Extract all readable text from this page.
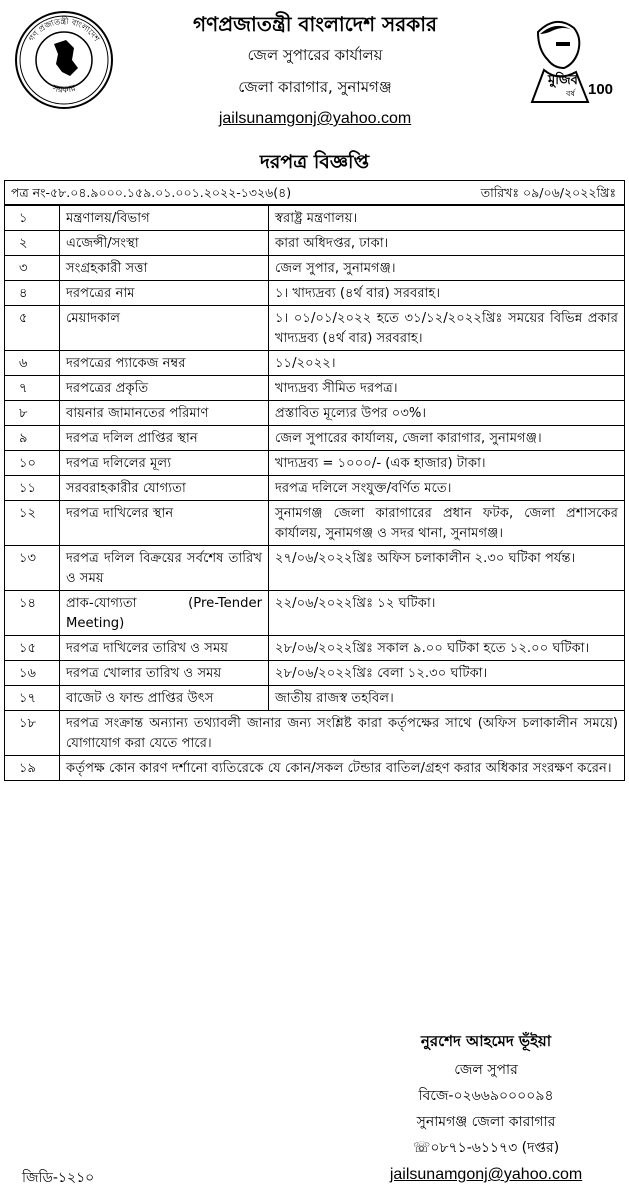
গণ প্রজাতন্ত্রী বাংলাদেশ
সরকার
মুজিব
বর্ষ 100
গণপ্রজাতন্ত্রী বাংলাদেশ সরকার
জেল সুপারের কার্যালয়
জেলা কারাগার, সুনামগঞ্জ
jailsunamgonj@yahoo.com
দরপত্র বিজ্ঞপ্তি
পত্র নং-৫৮.০৪.৯০০০.১৫৯.০১.০০১.২০২২-১৩২৬(৪)	তারিখঃ ০৯/০৬/২০২২খ্রিঃ
১	মন্ত্রণালয়/বিভাগ	স্বরাষ্ট্র মন্ত্রণালয়।
২	এজেন্সী/সংস্থা	কারা অধিদপ্তর, ঢাকা।
৩	সংগ্রহকারী সত্তা	জেল সুপার, সুনামগঞ্জ।
৪	দরপত্রের নাম	১। খাদ্যদ্রব্য (৪র্থ বার) সরবরাহ।
৫	মেয়াদকাল	১। ০১/০১/২০২২ হতে ৩১/১২/২০২২খ্রিঃ সময়ের বিভিন্ন প্রকার খাদ্যদ্রব্য (৪র্থ বার) সরবরাহ।
৬	দরপত্রের প্যাকেজ নম্বর	১১/২০২২।
৭	দরপত্রের প্রকৃতি	খাদ্যদ্রব্য সীমিত দরপত্র।
৮	বায়নার জামানতের পরিমাণ	প্রস্তাবিত মূল্যের উপর ০৩%।
৯	দরপত্র দলিল প্রাপ্তির স্থান	জেল সুপারের কার্যালয়, জেলা কারাগার, সুনামগঞ্জ।
১০	দরপত্র দলিলের মূল্য	খাদ্যদ্রব্য = ১০০০/- (এক হাজার) টাকা।
১১	সরবরাহকারীর যোগ্যতা	দরপত্র দলিলে সংযুক্ত/বর্ণিত মতে।
১২	দরপত্র দাখিলের স্থান	সুনামগঞ্জ জেলা কারাগারের প্রধান ফটক, জেলা প্রশাসকের কার্যালয়, সুনামগঞ্জ ও সদর থানা, সুনামগঞ্জ।
১৩	দরপত্র দলিল বিক্রয়ের সর্বশেষ তারিখ ও সময়	২৭/০৬/২০২২খ্রিঃ অফিস চলাকালীন ২.৩০ ঘটিকা পর্যন্ত।
১৪	প্রাক-যোগ্যতা (Pre-Tender Meeting)	২২/০৬/২০২২খ্রিঃ ১২ ঘটিকা।
১৫	দরপত্র দাখিলের তারিখ ও সময়	২৮/০৬/২০২২খ্রিঃ সকাল ৯.০০ ঘটিকা হতে ১২.০০ ঘটিকা।
১৬	দরপত্র খোলার তারিখ ও সময়	২৮/০৬/২০২২খ্রিঃ বেলা ১২.৩০ ঘটিকা।
১৭	বাজেট ও ফান্ড প্রাপ্তির উৎস	জাতীয় রাজস্ব তহবিল।
১৮	দরপত্র সংক্রান্ত অন্যান্য তথ্যাবলী জানার জন্য সংশ্লিষ্ট কারা কর্তৃপক্ষের সাথে (অফিস চলাকালীন সময়ে) যোগাযোগ করা যেতে পারে।	
১৯	কর্তৃপক্ষ কোন কারণ দর্শানো ব্যতিরেকে যে কোন/সকল টেন্ডার বাতিল/গ্রহণ করার অধিকার সংরক্ষণ করেন।	
নুরশেদ আহমেদ ভূঁইয়া
জেল সুপার
বিজে-০২৬৬৯০০০০৯৪
সুনামগঞ্জ জেলা কারাগার
☏০৮৭১-৬১১৭৩ (দপ্তর)
jailsunamgonj@yahoo.com
জিডি-১২১০
